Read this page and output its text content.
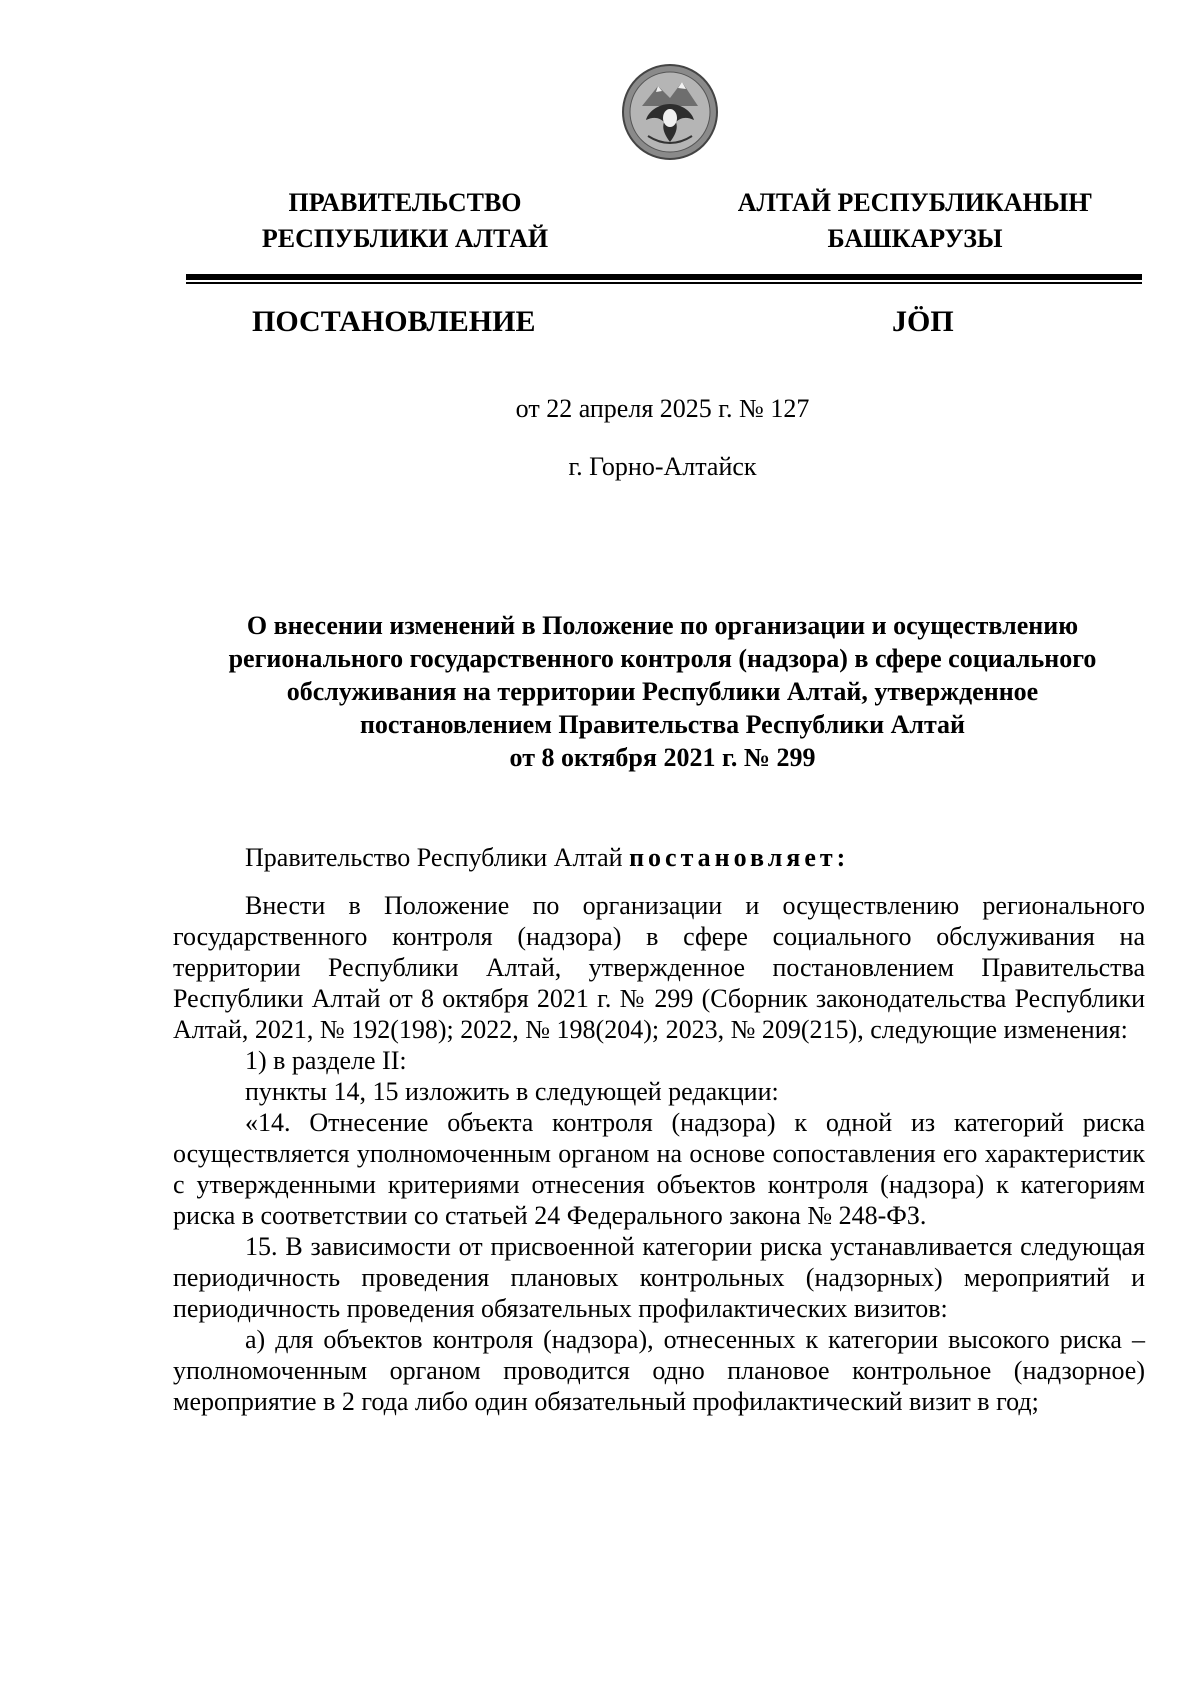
ПРАВИТЕЛЬСТВО
РЕСПУБЛИКИ АЛТАЙ
АЛТАЙ РЕСПУБЛИКАНЫҤ
БАШКАРУЗЫ
ПОСТАНОВЛЕНИЕ	JӦП
от 22 апреля 2025 г. № 127
г. Горно-Алтайск
О внесении изменений в Положение по организации и осуществлению
регионального государственного контроля (надзора) в сфере социального
обслуживания на территории Республики Алтай, утвержденное
постановлением Правительства Республики Алтай
от 8 октября 2021 г. № 299

Правительство Республики Алтай постановляет:

Внести в Положение по организации и осуществлению регионального государственного контроля (надзора) в сфере социального обслуживания на территории Республики Алтай, утвержденное постановлением Правительства Республики Алтай от 8 октября 2021 г. № 299 (Сборник законодательства Республики Алтай, 2021, № 192(198); 2022, № 198(204); 2023, № 209(215), следующие изменения:

1) в разделе II:

пункты 14, 15 изложить в следующей редакции:

«14. Отнесение объекта контроля (надзора) к одной из категорий риска осуществляется уполномоченным органом на основе сопоставления его характеристик с утвержденными критериями отнесения объектов контроля (надзора) к категориям риска в соответствии со статьей 24 Федерального закона № 248-ФЗ.

15. В зависимости от присвоенной категории риска устанавливается следующая периодичность проведения плановых контрольных (надзорных) мероприятий и периодичность проведения обязательных профилактических визитов:

а) для объектов контроля (надзора), отнесенных к категории высокого риска – уполномоченным органом проводится одно плановое контрольное (надзорное) мероприятие в 2 года либо один обязательный профилактический визит в год;
